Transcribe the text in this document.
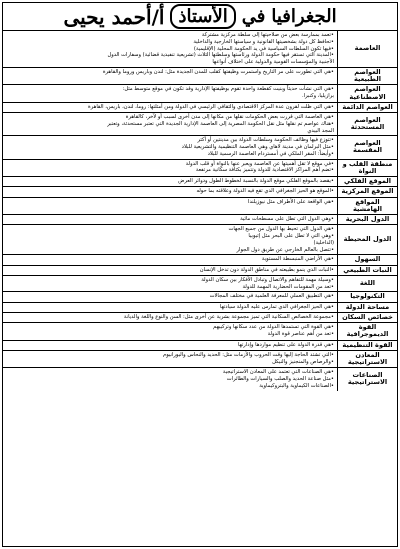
الجغرافيا
في
الأستاذ
أ/أحمد يحيى
العاصمة

•تعمد بممارسة بعض من صلاحيتها إلى سلطة مركزية مشتركة

•تحافظ كل دولة بشخصيتها القانونية و سياستها الخارجية والداخلية

•فيها تكون السلطات السياسية في يد الحكومة المحلية (الإقليمية)

•المدينة التي تستقر فيها حكومة الدولة ورئاستها وسلطتها الثلاث (تشريعية تنفيذية قضائية) وسفارات الدول

الأجنبية والمؤسسات القومية والدولية على اختلاف أنواعها

العواصم الطبيعية

•هي التي تطورت على مر التاريخ واستمرت وظيفتها كقلب للمدن الجديدة مثل: لندن وباريس وروما والقاهرة

العواصم الاصطناعية

•هي التي نشأت حديثاً وبنيت كقطعة واحدة تقوم بوظيفتها الإدارية وقد تكون في موقع متوسط مثل:

برازيليا، وكنبرا.

العواصم الدائمة

•هي التي ظلت لقرون عدة المركز الاقتصادي والثقافي الرئيسي في الدولة ومن أمثلتها: روما، لندن، باريس، القاهرة

العواصم المستحدثة

•هي العاصمة التي قررت بعض الحكومات نقلها من مكانها إلى مدن أخرى لسبب أو لآخر، كالقاهرة

•هناك عواصم تم نقلها مثل نقل الحكومة المصرية إلى العاصمة الإدارية الجديدة التي تعتبر مستحدثة، وتعتبر

المجد البيدي

العواصم المقسمة

•تتوزع فيها وظائف الحكومة وسلطات الدولة بين مدينتين أو أكثر

•مثل البرلمان في مدينة لاهاي وهي العاصمة التنظيمية والتشريعية للبلاد

•وأيضاً: المقر الملكي في أمستردام العاصمة الرسمية للبلاد

منطقة القلب و النواة

•في موقع لا تقل أهميتها عن العاصمة ويعبر عنها بالنواة أو قلب الدولة

•تضم أهم المراكز الاقتصادية للدولة وتتميز بكثافة سكانية مرتفعة

الموقع الفلكي

•يقصد بالموقع الفلكي موقع الدولة بالنسبة لخطوط الطول ودوائر العرض

الموقع المركزية

•الموقع هو الحيز الجغرافي الذي تقع فيه الدولة وعلاقته بما حوله

المواقع الهامشية

•هي الواقعة على الأطراف مثل نيوزيلندا

الدول البحرية

•وهي الدول التي تطل على مسطحات مائية

الدول المحيطة

•هي الدول التي تحيط بها الدول من جميع الجهات

•وهي التي لا تطل على البحر مثل إثيوبيا

(الداخلية)

•تتصل بالعالم الخارجي عن طريق دول الجوار

السهول

•هي الأراضي المنبسطة المستوية

النبات الطبيعي

•النبات الذي ينمو بطبيعته في مناطق الدولة دون تدخل الإنسان

اللغة

•وسيلة مهمة للتفاهم والاتصال وتبادل الأفكار بين سكان الدولة

•تعد من المقومات الحضارية المهمة للدولة

التكنولوجيا

•هي التطبيق العملي للمعرفة العلمية في مختلف المجالات

مساحة الدولة

•هي الحيز الجغرافي الذي تمارس عليه الدولة سيادتها

خصائص السكان

•مجموعة الخصائص السكانية التي تميز مجموعة بشرية عن أخرى مثل: السن والنوع واللغة والديانة

القوة الديموجرافية

•هي القوة التي تستمدها الدولة من عدد سكانها وتركيبهم

•تعد من أهم عناصر قوة الدولة

القوة التنظيمية

•هي قدرة الدولة على تنظيم مواردها وإدارتها

المعادن الاستراتيجية

•التي تشتد الحاجة إليها وقت الحروب والأزمات مثل: الحديد والنحاس واليورانيوم

•والرصاص والمنجنيز والنيكل

الصناعات الاستراتيجية

•هي الصناعات التي تعتمد على المعادن الاستراتيجية

•مثل صناعة الحديد والصلب والسيارات والطائرات

•الصناعات الكيماوية والبتروكيماوية
